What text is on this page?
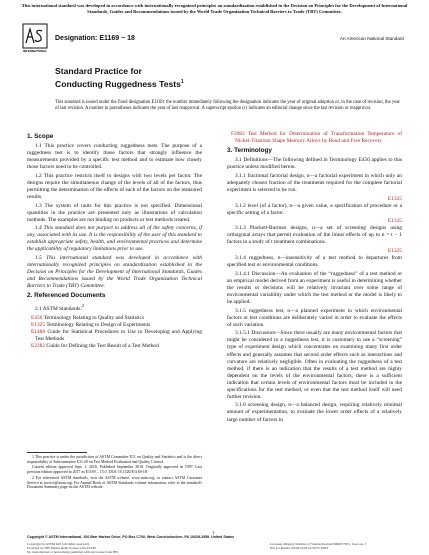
This international standard was developed in accordance with internationally recognized principles on standardization established in the Decision on Principles for the Development of International Standards, Guides and Recommendations issued by the World Trade Organization Technical Barriers to Trade (TBT) Committee.
INTERNATIONAL
Designation: E1169 − 18	An American National Standard
Standard Practice for
Conducting Ruggedness Tests$^1$
This standard is issued under the fixed designation E1169; the number immediately following the designation indicates the year of original adoption or, in the case of revision, the year of last revision. A number in parentheses indicates the year of last reapproval. A superscript epsilon (ε) indicates an editorial change since the last revision or reapproval.
1. Scope

1.1 This practice covers conducting ruggedness tests. The purpose of a ruggedness test is to identify those factors that strongly influence the measurements provided by a specific test method and to estimate how closely those factors need to be controlled.

1.2 This practice restricts itself to designs with two levels per factor. The designs require the simultaneous change of the levels of all of the factors, thus permitting the determination of the effects of each of the factors on the measured results.

1.3 The system of units for this practice is not specified. Dimensional quantities in the practice are presented only as illustrations of calculation methods. The examples are not binding on products or test methods treated.

1.4 This standard does not purport to address all of the safety concerns, if any, associated with its use. It is the responsibility of the user of this standard to establish appropriate safety, health, and environmental practices and determine the applicability of regulatory limitations prior to use.

1.5 This international standard was developed in accordance with internationally recognized principles on standardization established in the Decision on Principles for the Development of International Standards, Guides and Recommendations issued by the World Trade Organization Technical Barriers to Trade (TBT) Committee.

2. Referenced Documents

2.1 ASTM Standards:$^2$

E456 Terminology Relating to Quality and Statistics
E1325 Terminology Relating to Design of Experiments
E1488 Guide for Statistical Procedures to Use in Developing and Applying Test Methods
E2282 Guide for Defining the Test Result of a Test Method
F2082 Test Method for Determination of Transformation Temperature of Nickel-Titanium Shape Memory Alloys by Bend and Free Recovery
3. Terminology

3.1 Definitions—The following defined in Terminology E456 applies to this practice unless modified herein.

3.1.1 fractional factorial design, n—a factorial experiment in which only an adequately chosen fraction of the treatments required for the complete factorial experiment is selected to be run.

E1325

3.1.2 level (of a factor), n—a given value, a specification of procedure or a specific setting of a factor.

E1325

3.1.3 Plackett-Burman designs, n—a set of screening designs using orthogonal arrays that permit evaluation of the linear effects of up to n = t − 1 factors in a study of t treatment combinations.

E1325

3.1.4 ruggedness, n—insensitivity of a test method to departures from specified test or environmental conditions.

3.1.4.1 Discussion—An evaluation of the “ruggedness” of a test method or an empirical model derived from an experiment is useful in determining whether the results or decisions will be relatively invariant over some range of environmental variability under which the test method or the model is likely to be applied.

3.1.5 ruggedness test, n—a planned experiment in which environmental factors or test conditions are deliberately varied in order to evaluate the effects of such variation.

3.1.5.1 Discussion—Since there usually are many environmental factors that might be considered in a ruggedness test, it is customary to use a “screening” type of experiment design which concentrates on examining many first order effects and generally assumes that second order effects such as interactions and curvature are relatively negligible. Often in evaluating the ruggedness of a test method, if there is an indication that the results of a test method are highly dependent on the levels of the environmental factors, there is a sufficient indication that certain levels of environmental factors must be included in the specifications for the test method, or even that the test method itself will need further revision.

3.1.6 screening design, n—a balanced design, requiring relatively minimal amount of experimentation, to evaluate the lower order effects of a relatively large number of factors in

1 This practice is under the jurisdiction of ASTM Committee E11 on Quality and Statistics and is the direct responsibility of Subcommittee E11.20 on Test Method Evaluation and Quality Control.

Current edition approved Sept. 1, 2018. Published September 2018. Originally approved in 1987. Last previous edition approved in 2017 as E1169 – 17ε1. DOI: 10.1520/E1169-18.

2 For referenced ASTM standards, visit the ASTM website, www.astm.org, or contact ASTM Customer Service at service@astm.org. For Annual Book of ASTM Standards volume information, refer to the standard's Document Summary page on the ASTM website.

1
Copyright © ASTM International, 100 Barr Harbor Drive, PO Box C700, West Conshohocken, PA 19428-2959. United States
Copyright by ASTM Int'l (all rights reserved);
Provided by IHS Markit under license with ASTM
No reproduction or networking permitted without license from IHS
Licensee=Display Institute of Standardisation/5966677001, User=us, J
Not for Resale, 09/26/2018 12:50:55 MDT
